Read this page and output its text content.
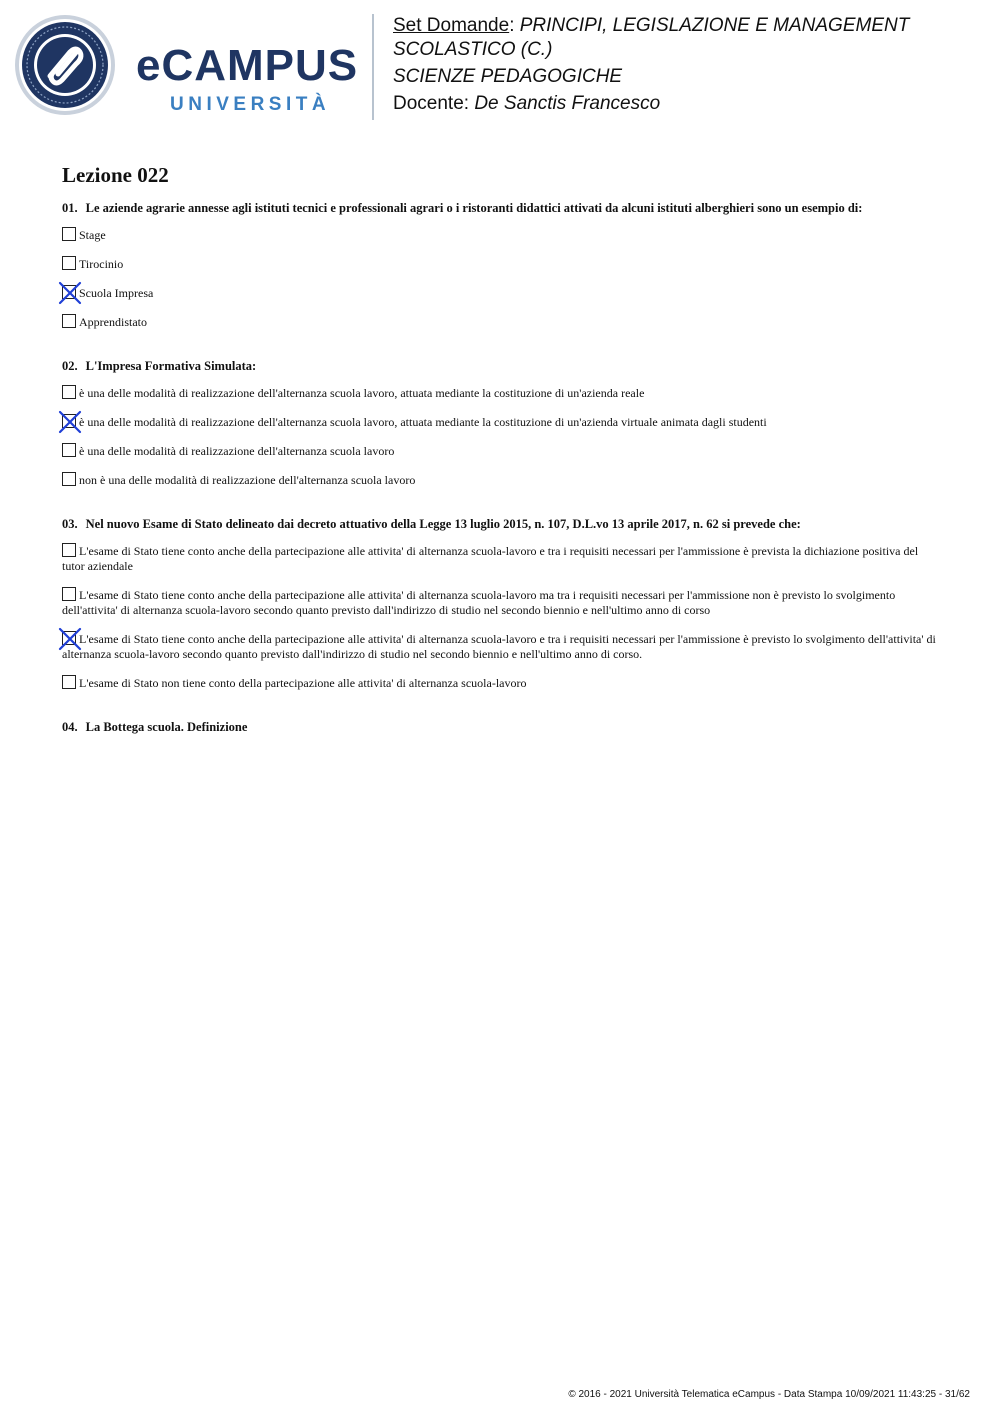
eCAMPUS
UNIVERSITÀ

Set Domande: PRINCIPI, LEGISLAZIONE E MANAGEMENT SCOLASTICO (C.)

SCIENZE PEDAGOGICHE

Docente: De Sanctis Francesco

Lezione 022

01. Le aziende agrarie annesse agli istituti tecnici e professionali agrari o i ristoranti didattici attivati da alcuni istituti alberghieri sono un esempio di:

Stage
Tirocinio
Scuola Impresa
Apprendistato

02. L'Impresa Formativa Simulata:

è una delle modalità di realizzazione dell'alternanza scuola lavoro, attuata mediante la costituzione di un'azienda reale
è una delle modalità di realizzazione dell'alternanza scuola lavoro, attuata mediante la costituzione di un'azienda virtuale animata dagli studenti
è una delle modalità di realizzazione dell'alternanza scuola lavoro
non è una delle modalità di realizzazione dell'alternanza scuola lavoro

03. Nel nuovo Esame di Stato delineato dai decreto attuativo della Legge 13 luglio 2015, n. 107, D.L.vo 13 aprile 2017, n. 62 si prevede che:

L'esame di Stato tiene conto anche della partecipazione alle attivita' di alternanza scuola-lavoro e tra i requisiti necessari per l'ammissione è prevista la dichiazione positiva del tutor aziendale
L'esame di Stato tiene conto anche della partecipazione alle attivita' di alternanza scuola-lavoro ma tra i requisiti necessari per l'ammissione non è previsto lo svolgimento dell'attivita' di alternanza scuola-lavoro secondo quanto previsto dall'indirizzo di studio nel secondo biennio e nell'ultimo anno di corso
L'esame di Stato tiene conto anche della partecipazione alle attivita' di alternanza scuola-lavoro e tra i requisiti necessari per l'ammissione è previsto lo svolgimento dell'attivita' di alternanza scuola-lavoro secondo quanto previsto dall'indirizzo di studio nel secondo biennio e nell'ultimo anno di corso.
L'esame di Stato non tiene conto della partecipazione alle attivita' di alternanza scuola-lavoro

04. La Bottega scuola. Definizione

© 2016 - 2021 Università Telematica eCampus - Data Stampa 10/09/2021 11:43:25 - 31/62
